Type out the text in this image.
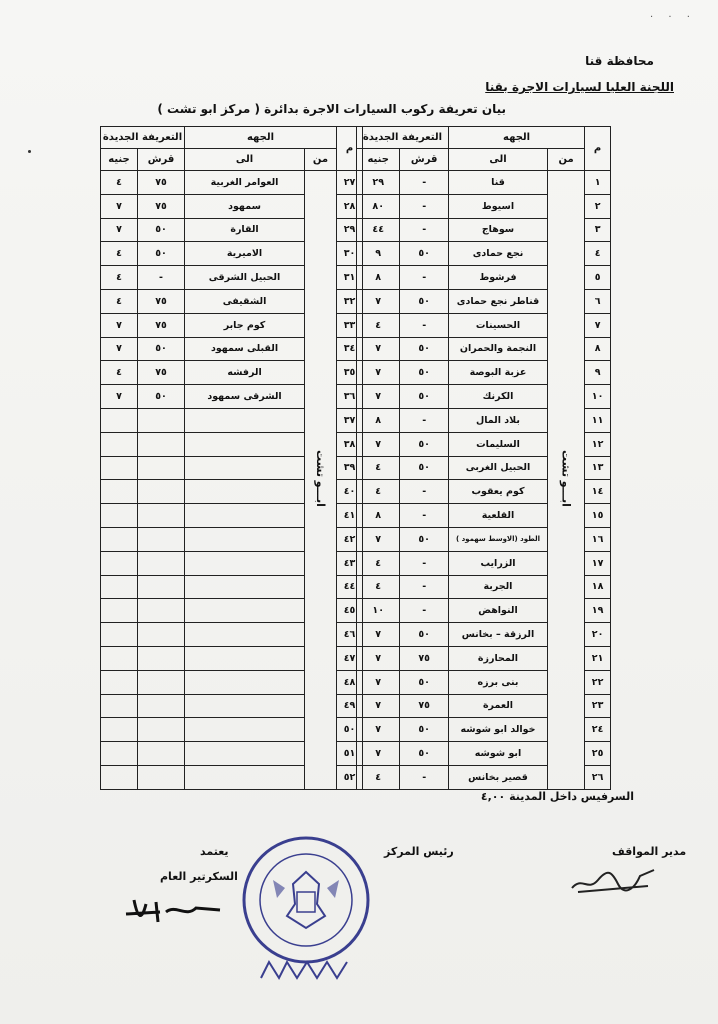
· · ·
محافظة قنا
اللجنة العليا لسيارات الاجرة بقنا
بيان تعريفة ركوب السيارات الاجرة بدائرة ( مركز ابو تشت )
م	الجهه		التعريفة الجديدة	
	من	الى	قرش	جنيه
١	ابـــو تشت	قنا	-	٢٩
٢		اسيوط	-	٨٠
٣		سوهاج	-	٤٤
٤		نجع حمادى	٥٠	٩
٥		فرشوط	-	٨
٦		قناطر نجع حمادى	٥٠	٧
٧		الحسينات	-	٤
٨		النجمة والحمران	٥٠	٧
٩		عزبة البوصة	٥٠	٧
١٠		الكرنك	٥٠	٧
١١		بلاد المال	-	٨
١٢		السليمات	٥٠	٧
١٣		الحبيل الغربى	٥٠	٤
١٤		كوم يعقوب	-	٤
١٥		القلعية	-	٨
١٦		الطود (الاوسط سهمود )	٥٠	٧
١٧		الزرايب	-	٤
١٨		الجربة	-	٤
١٩		النواهض	-	١٠
٢٠		الرزقة – بخانس	٥٠	٧
٢١		المحارزة	٧٥	٧
٢٢		بنى برزه	٥٠	٧
٢٣		العمرة	٧٥	٧
٢٤		خوالد ابو شوشه	٥٠	٧
٢٥		ابو شوشه	٥٠	٧
٢٦		قصير بخانس	-	٤
م	الجهه		التعريفة الجديدة	
	من	الى	قرش	جنيه
٢٧	ابـــو تشت	العوامر الغربية	٧٥	٤
٢٨		سمهود	٧٥	٧
٢٩		القارة	٥٠	٧
٣٠		الاميرية	٥٠	٤
٣١		الحبيل الشرقى	-	٤
٣٢		الشقيفى	٧٥	٤
٣٣		كوم جابر	٧٥	٧
٣٤		القبلى سمهود	٥٠	٧
٣٥		الرفشه	٧٥	٤
٣٦		الشرقى سمهود	٥٠	٧
٣٧				
٣٨				
٣٩				
٤٠				
٤١				
٤٢				
٤٣				
٤٤				
٤٥				
٤٦				
٤٧				
٤٨				
٤٩				
٥٠				
٥١				
٥٢				
السرفيس داخل المدينة ٤,٠٠
مدير المواقف
رئيس المركز
يعتمد
السكرتير العام
